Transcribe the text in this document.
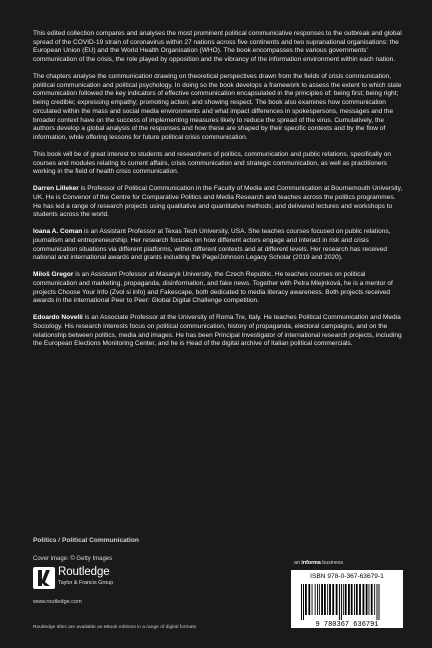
This edited collection compares and analyses the most prominent political communicative responses to the outbreak and global spread of the COVID-19 strain of coronavirus within 27 nations across five continents and two supranational organisations: the European Union (EU) and the World Health Organisation (WHO). The book encompasses the various governments' communication of the crisis, the role played by opposition and the vibrancy of the information environment within each nation.

The chapters analyse the communication drawing on theoretical perspectives drawn from the fields of crisis communication, political communication and political psychology. In doing so the book develops a framework to assess the extent to which state communication followed the key indicators of effective communication encapsulated in the principles of: being first; being right; being credible; expressing empathy; promoting action; and showing respect. The book also examines how communication circulated within the mass and social media environments and what impact differences in spokespersons, messages and the broader context have on the success of implementing measures likely to reduce the spread of the virus. Cumulatively, the authors develop a global analysis of the responses and how these are shaped by their specific contexts and by the flow of information, while offering lessons for future political crisis communication.

This book will be of great interest to students and researchers of politics, communication and public relations, specifically on courses and modules relating to current affairs, crisis communication and strategic communication, as well as practitioners working in the field of health crisis communication.

Darren Lilleker is Professor of Political Communication in the Faculty of Media and Communication at Bournemouth University, UK. He is Convenor of the Centre for Comparative Politics and Media Research and teaches across the politics programmes. He has led a range of research projects using qualitative and quantitative methods; and delivered lectures and workshops to students across the world.

Ioana A. Coman is an Assistant Professor at Texas Tech University, USA. She teaches courses focused on public relations, journalism and entrepreneurship. Her research focuses on how different actors engage and interact in risk and crisis communication situations via different platforms, within different contexts and at different levels. Her research has received national and international awards and grants including the Page/Johnson Legacy Scholar (2019 and 2020).

Miloš Gregor is an Assistant Professor at Masaryk University, the Czech Republic. He teaches courses on political communication and marketing, propaganda, disinformation, and fake news. Together with Petra Mlejnková, he is a mentor of projects Choose Your Info (Zvol si info) and Fakescape, both dedicated to media literacy awareness. Both projects received awards in the international Peer to Peer: Global Digital Challenge competition.

Edoardo Novelli is an Associate Professor at the University of Roma Tre, Italy. He teaches Political Communication and Media Sociology. His research interests focus on political communication, history of propaganda, electoral campaigns, and on the relationship between politics, media and images. He has been Principal Investigator of international research projects, including the European Elections Monitoring Center, and he is Head of the digital archive of Italian political commercials.

Politics / Political Communication
Cover image: © Getty Images
an informa business
Routledge
Taylor & Francis Group
www.routledge.com
ISBN 978-0-367-63679-1
9 780367 636791
Routledge titles are available as eBook editions in a range of digital formats
